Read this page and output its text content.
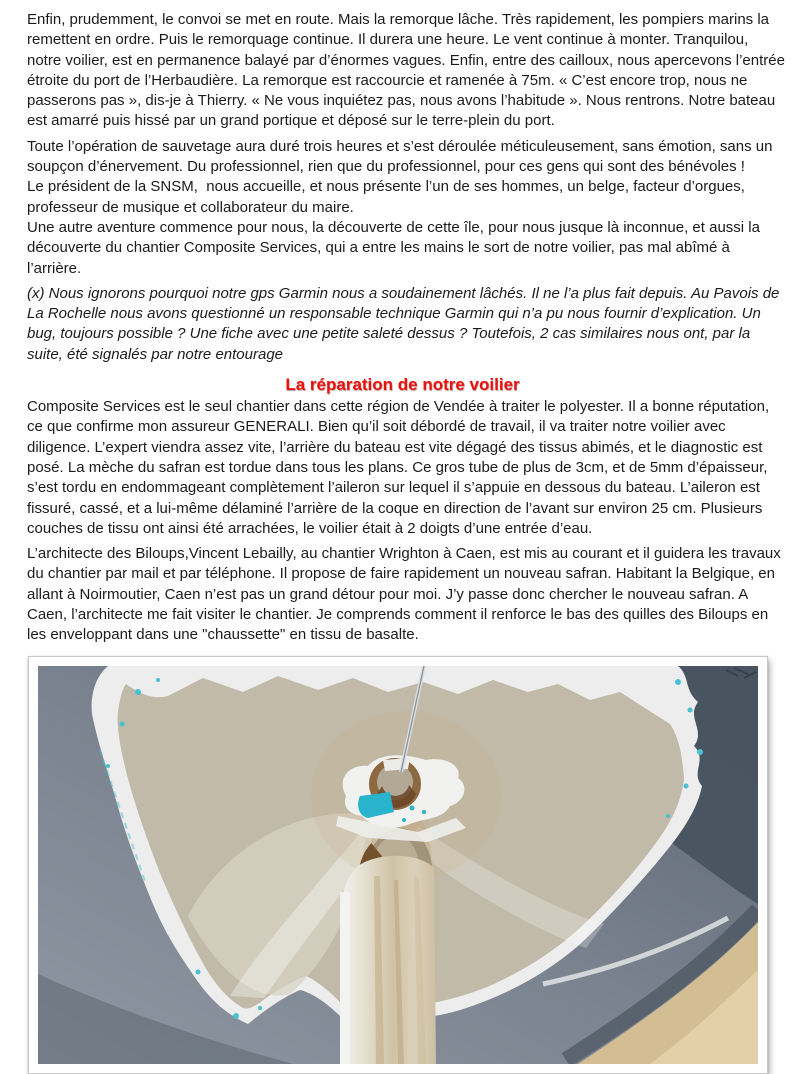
Enfin, prudemment, le convoi se met en route. Mais la remorque lâche. Très rapidement, les pompiers marins la
remettent en ordre. Puis le remorquage continue. Il durera une heure. Le vent continue à monter. Tranquilou,
notre voilier, est en permanence balayé par d’énormes vagues. Enfin, entre des cailloux, nous apercevons l’entrée
étroite du port de l’Herbaudière. La remorque est raccourcie et ramenée à 75m. « C’est encore trop, nous ne
passerons pas », dis-je à Thierry. « Ne vous inquiétez pas, nous avons l’habitude ». Nous rentrons. Notre bateau
est amarré puis hissé par un grand portique et déposé sur le terre-plein du port.

Toute l’opération de sauvetage aura duré trois heures et s’est déroulée méticuleusement, sans émotion, sans un
soupçon d’énervement. Du professionnel, rien que du professionnel, pour ces gens qui sont des bénévoles !
Le président de la SNSM,  nous accueille, et nous présente l’un de ses hommes, un belge, facteur d’orgues,
professeur de musique et collaborateur du maire.
Une autre aventure commence pour nous, la découverte de cette île, pour nous jusque là inconnue, et aussi la
découverte du chantier Composite Services, qui a entre les mains le sort de notre voilier, pas mal abîmé à
l’arrière.

(x) Nous ignorons pourquoi notre gps Garmin nous a soudainement lâchés. Il ne l’a plus fait depuis. Au Pavois de
La Rochelle nous avons questionné un responsable technique Garmin qui n’a pu nous fournir d’explication. Un
bug, toujours possible ? Une fiche avec une petite saleté dessus ? Toutefois, 2 cas similaires nous ont, par la
suite, été signalés par notre entourage

La réparation de notre voilier

Composite Services est le seul chantier dans cette région de Vendée à traiter le polyester. Il a bonne réputation,
ce que confirme mon assureur GENERALI. Bien qu’il soit débordé de travail, il va traiter notre voilier avec
diligence. L’expert viendra assez vite, l’arrière du bateau est vite dégagé des tissus abimés, et le diagnostic est
posé. La mèche du safran est tordue dans tous les plans. Ce gros tube de plus de 3cm, et de 5mm d’épaisseur,
s’est tordu en endommageant complètement l’aileron sur lequel il s’appuie en dessous du bateau. L’aileron est
fissuré, cassé, et a lui-même délaminé l’arrière de la coque en direction de l’avant sur environ 25 cm. Plusieurs
couches de tissu ont ainsi été arrachées, le voilier était à 2 doigts d’une entrée d’eau.

L’architecte des Biloups,Vincent Lebailly, au chantier Wrighton à Caen, est mis au courant et il guidera les travaux
du chantier par mail et par téléphone. Il propose de faire rapidement un nouveau safran. Habitant la Belgique, en
allant à Noirmoutier, Caen n’est pas un grand détour pour moi. J’y passe donc chercher le nouveau safran. A
Caen, l’architecte me fait visiter le chantier. Je comprends comment il renforce le bas des quilles des Biloups en
les enveloppant dans une "chaussette" en tissu de basalte.
